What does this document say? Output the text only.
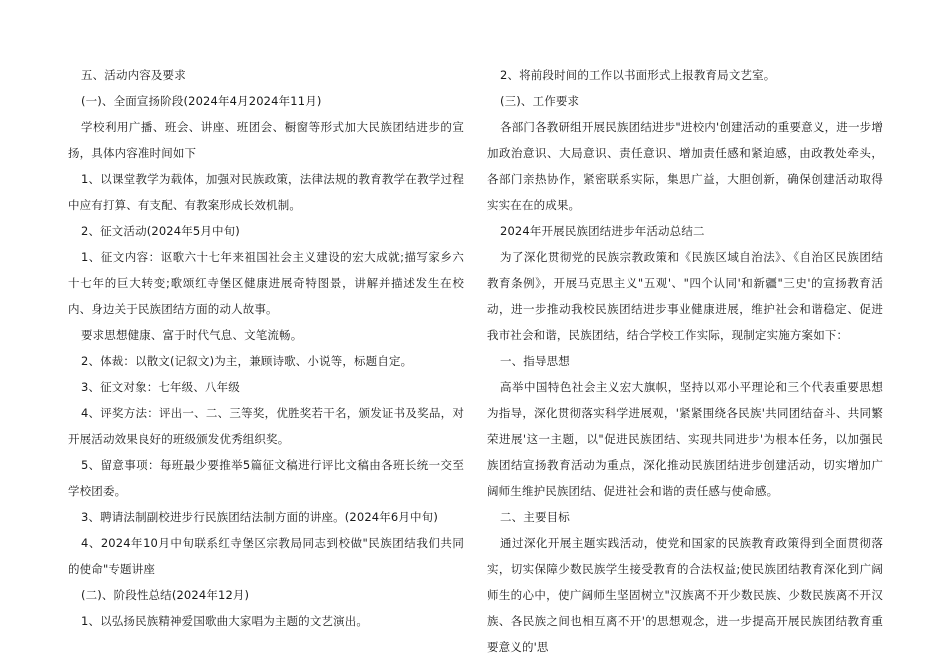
五、活动内容及要求

(一)、全面宣扬阶段(2024年4月2024年11月)

学校利用广播、班会、讲座、班团会、橱窗等形式加大民族团结进步的宣扬，具体内容准时间如下

1、以课堂教学为载体，加强对民族政策，法律法规的教育教学在教学过程中应有打算、有支配、有教案形成长效机制。

2、征文活动(2024年5月中旬)

1、征文内容：讴歌六十七年来祖国社会主义建设的宏大成就;描写家乡六十七年的巨大转变;歌颂红寺堡区健康进展奇特图景，讲解并描述发生在校内、身边关于民族团结方面的动人故事。

要求思想健康、富于时代气息、文笔流畅。

2、体裁：以散文(记叙文)为主，兼顾诗歌、小说等，标题自定。

3、征文对象：七年级、八年级

4、评奖方法：评出一、二、三等奖，优胜奖若干名，颁发证书及奖品，对开展活动效果良好的班级颁发优秀组织奖。

5、留意事项：每班最少要推举5篇征文稿进行评比文稿由各班长统一交至学校团委。

3、聘请法制副校进步行民族团结法制方面的讲座。(2024年6月中旬)

4、2024年10月中旬联系红寺堡区宗教局同志到校做"民族团结我们共同的使命"专题讲座

(二)、阶段性总结(2024年12月)

1、以弘扬民族精神爱国歌曲大家唱为主题的文艺演出。

2、将前段时间的工作以书面形式上报教育局文艺室。

(三)、工作要求

各部门各教研组开展民族团结进步"进校内'创建活动的重要意义，进一步增加政治意识、大局意识、责任意识、增加责任感和紧迫感，由政教处牵头，各部门亲热协作，紧密联系实际，集思广益，大胆创新，确保创建活动取得实实在在的成果。

2024年开展民族团结进步年活动总结二

为了深化贯彻党的民族宗教政策和《民族区域自治法》、《自治区民族团结教育条例》，开展马克思主义"五观'、"四个认同'和新疆"三史'的宣扬教育活动，进一步推动我校民族团结进步事业健康进展，维护社会和谐稳定、促进我市社会和谐，民族团结，结合学校工作实际，现制定实施方案如下：

一、指导思想

高举中国特色社会主义宏大旗帜，坚持以邓小平理论和三个代表重要思想为指导，深化贯彻落实科学进展观，'紧紧围绕各民族'共同团结奋斗、共同繁荣进展'这一主题，以"促进民族团结、实现共同进步'为根本任务，以加强民族团结宣扬教育活动为重点，深化推动民族团结进步创建活动，切实增加广阔师生维护民族团结、促进社会和谐的责任感与使命感。

二、主要目标

通过深化开展主题实践活动，使党和国家的民族教育政策得到全面贯彻落实，切实保障少数民族学生接受教育的合法权益;使民族团结教育深化到广阔师生的心中，使广阔师生坚固树立"汉族离不开少数民族、少数民族离不开汉族、各民族之间也相互离不开'的思想观念，进一步提高开展民族团结教育重要意义的'思
